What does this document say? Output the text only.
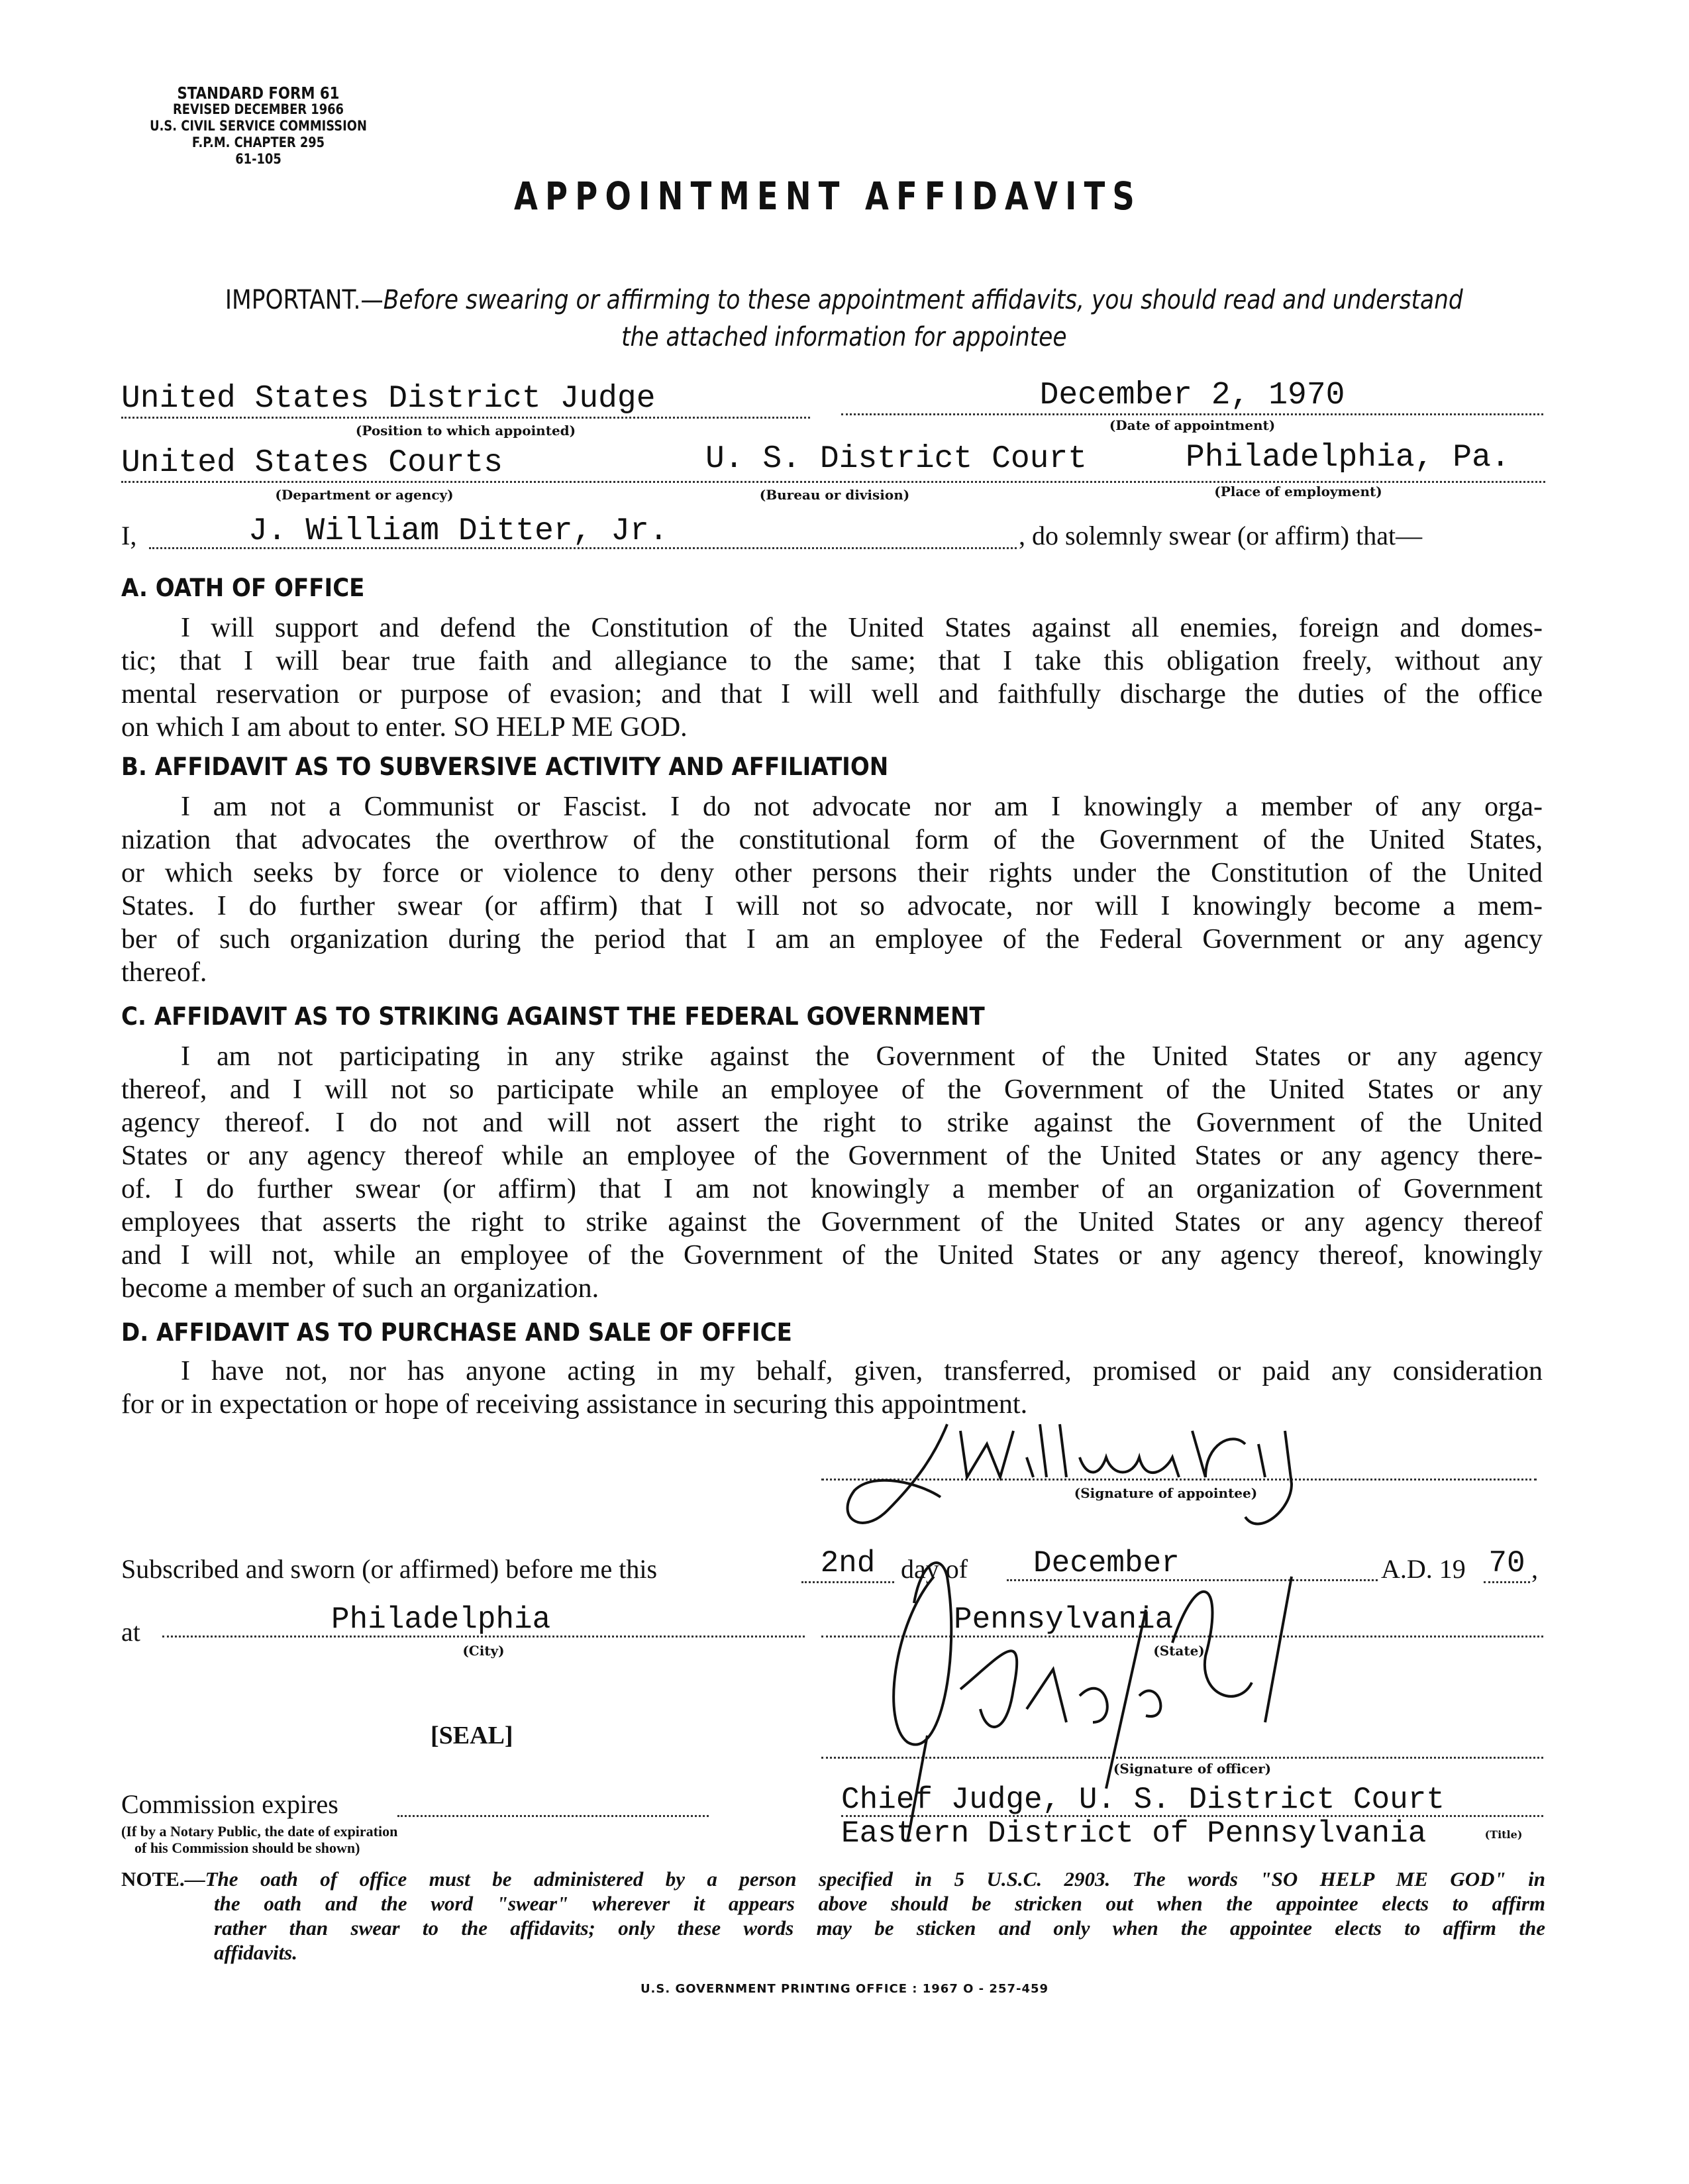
STANDARD FORM 61
REVISED DECEMBER 1966
U.S. CIVIL SERVICE COMMISSION
F.P.M. CHAPTER 295
61-105
APPOINTMENT AFFIDAVITS
IMPORTANT.—Before swearing or affirming to these appointment affidavits, you should read and understand
the attached information for appointee
United States District Judge
(Position to which appointed)
December 2, 1970
(Date of appointment)
United States Courts	U. S. District Court	Philadelphia, Pa.
(Department or agency)	(Bureau or division)	(Place of employment)
I,	J. William Ditter, Jr.	, do solemnly swear (or affirm) that—
A. OATH OF OFFICE
I will support and defend the Constitution of the United States against all enemies, foreign and domes-
tic; that I will bear true faith and allegiance to the same; that I take this obligation freely, without any
mental reservation or purpose of evasion; and that I will well and faithfully discharge the duties of the office
on which I am about to enter. SO HELP ME GOD.
B. AFFIDAVIT AS TO SUBVERSIVE ACTIVITY AND AFFILIATION
I am not a Communist or Fascist. I do not advocate nor am I knowingly a member of any orga-
nization that advocates the overthrow of the constitutional form of the Government of the United States,
or which seeks by force or violence to deny other persons their rights under the Constitution of the United
States. I do further swear (or affirm) that I will not so advocate, nor will I knowingly become a mem-
ber of such organization during the period that I am an employee of the Federal Government or any agency
thereof.
C. AFFIDAVIT AS TO STRIKING AGAINST THE FEDERAL GOVERNMENT
I am not participating in any strike against the Government of the United States or any agency
thereof, and I will not so participate while an employee of the Government of the United States or any
agency thereof. I do not and will not assert the right to strike against the Government of the United
States or any agency thereof while an employee of the Government of the United States or any agency there-
of. I do further swear (or affirm) that I am not knowingly a member of an organization of Government
employees that asserts the right to strike against the Government of the United States or any agency thereof
and I will not, while an employee of the Government of the United States or any agency thereof, knowingly
become a member of such an organization.
D. AFFIDAVIT AS TO PURCHASE AND SALE OF OFFICE
I have not, nor has anyone acting in my behalf, given, transferred, promised or paid any consideration
for or in expectation or hope of receiving assistance in securing this appointment.
(Signature of appointee)
Subscribed and sworn (or affirmed) before me this	2nd day of	December	A.D. 19 70 ,
at	Philadelphia
(City)
Pennsylvania
(State)
[SEAL]
(Signature of officer)
Commission expires
(If by a Notary Public, the date of expiration
of his Commission should be shown)
Chief Judge, U. S. District Court
Eastern District of Pennsylvania	(Title)
NOTE.—The oath of office must be administered by a person specified in 5 U.S.C. 2903. The words "SO HELP ME GOD" in
the oath and the word "swear" wherever it appears above should be stricken out when the appointee elects to affirm
rather than swear to the affidavits; only these words may be sticken and only when the appointee elects to affirm the
affidavits.
U.S. GOVERNMENT PRINTING OFFICE : 1967 O - 257-459
